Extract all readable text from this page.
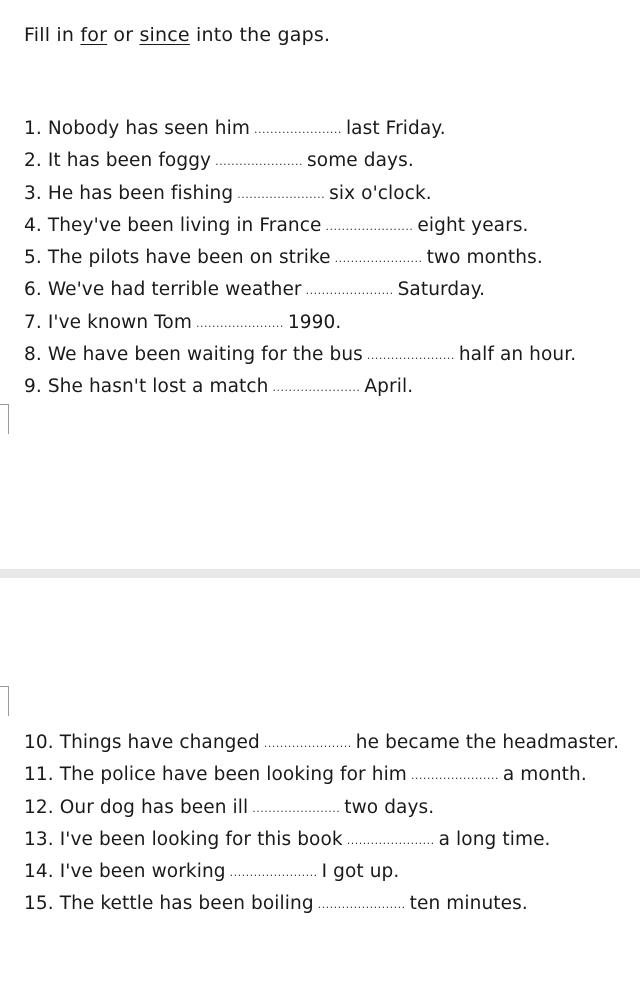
Fill in for or since into the gaps.
1. Nobody has seen him ...................... last Friday.
2. It has been foggy ...................... some days.
3. He has been fishing ...................... six o'clock.
4. They've been living in France ...................... eight years.
5. The pilots have been on strike ...................... two months.
6. We've had terrible weather ...................... Saturday.
7. I've known Tom ...................... 1990.
8. We have been waiting for the bus ...................... half an hour.
9. She hasn't lost a match ...................... April.
10. Things have changed ...................... he became the headmaster.
11. The police have been looking for him ...................... a month.
12. Our dog has been ill ...................... two days.
13. I've been looking for this book ...................... a long time.
14. I've been working ...................... I got up.
15. The kettle has been boiling ...................... ten minutes.
